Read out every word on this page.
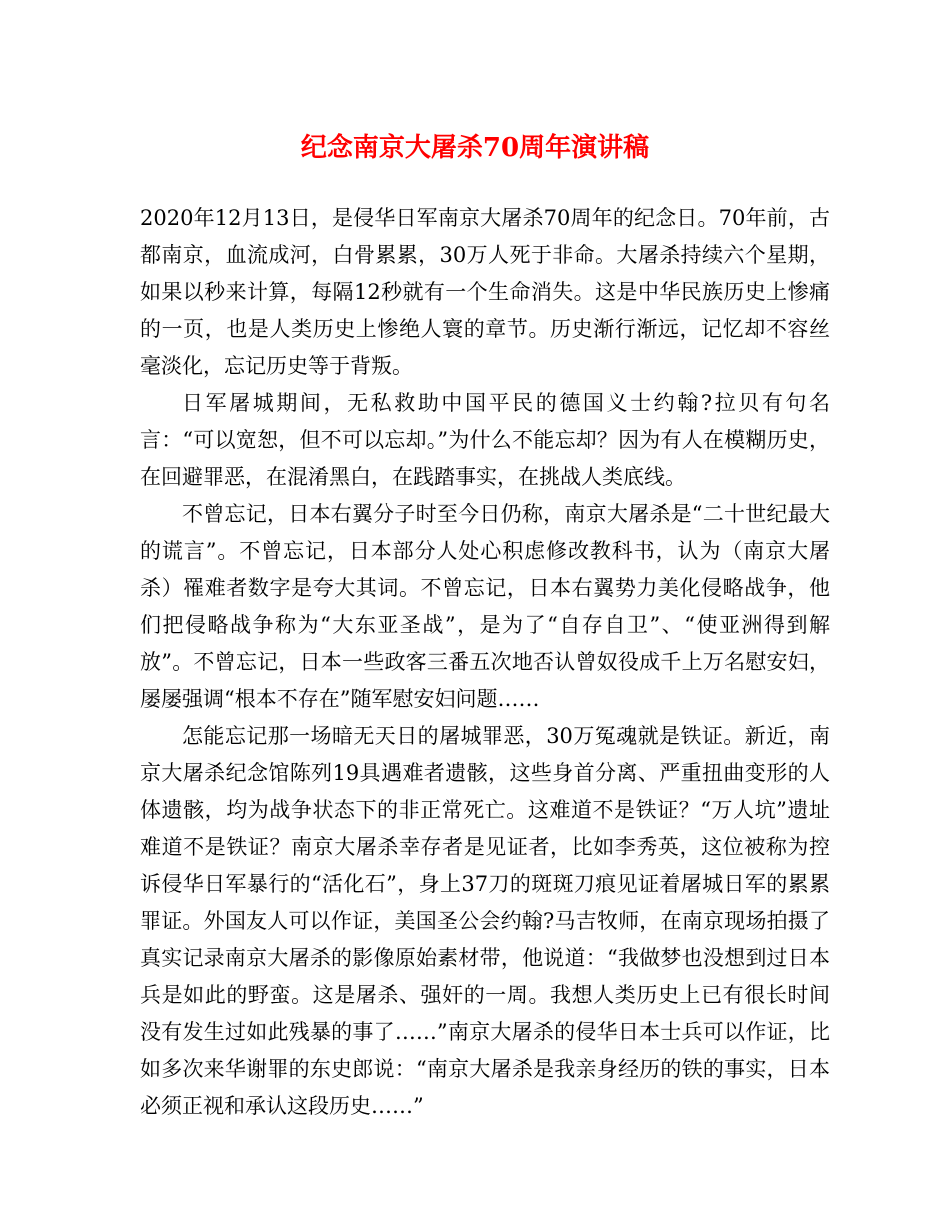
纪念南京大屠杀70周年演讲稿

2020年12月13日，是侵华日军南京大屠杀70周年的纪念日。70年前，古都南京，血流成河，白骨累累，30万人死于非命。大屠杀持续六个星期，如果以秒来计算，每隔12秒就有一个生命消失。这是中华民族历史上惨痛的一页，也是人类历史上惨绝人寰的章节。历史渐行渐远，记忆却不容丝毫淡化，忘记历史等于背叛。

日军屠城期间，无私救助中国平民的德国义士约翰?拉贝有句名言：“可以宽恕，但不可以忘却。”为什么不能忘却？因为有人在模糊历史，在回避罪恶，在混淆黑白，在践踏事实，在挑战人类底线。

不曾忘记，日本右翼分子时至今日仍称，南京大屠杀是“二十世纪最大的谎言”。不曾忘记，日本部分人处心积虑修改教科书，认为（南京大屠杀）罹难者数字是夸大其词。不曾忘记，日本右翼势力美化侵略战争，他们把侵略战争称为“大东亚圣战”，是为了“自存自卫”、“使亚洲得到解放”。不曾忘记，日本一些政客三番五次地否认曾奴役成千上万名慰安妇，屡屡强调“根本不存在”随军慰安妇问题……

怎能忘记那一场暗无天日的屠城罪恶，30万冤魂就是铁证。新近，南京大屠杀纪念馆陈列19具遇难者遗骸，这些身首分离、严重扭曲变形的人体遗骸，均为战争状态下的非正常死亡。这难道不是铁证？“万人坑”遗址难道不是铁证？南京大屠杀幸存者是见证者，比如李秀英，这位被称为控诉侵华日军暴行的“活化石”，身上37刀的斑斑刀痕见证着屠城日军的累累罪证。外国友人可以作证，美国圣公会约翰?马吉牧师，在南京现场拍摄了真实记录南京大屠杀的影像原始素材带，他说道：“我做梦也没想到过日本兵是如此的野蛮。这是屠杀、强奸的一周。我想人类历史上已有很长时间没有发生过如此残暴的事了……”南京大屠杀的侵华日本士兵可以作证，比如多次来华谢罪的东史郎说：“南京大屠杀是我亲身经历的铁的事实，日本必须正视和承认这段历史……”
